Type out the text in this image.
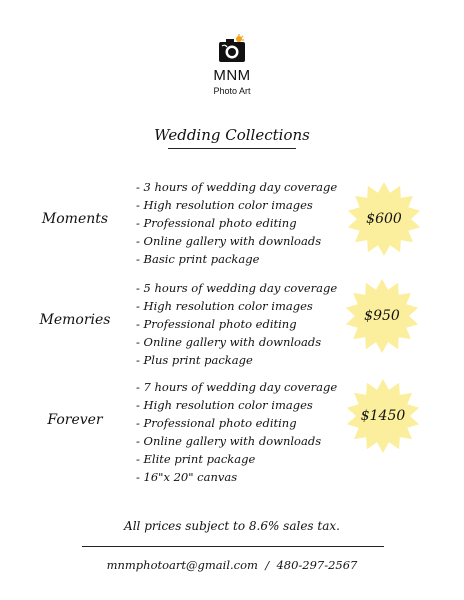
MNM
Photo Art
Wedding Collections
Moments
- 3 hours of wedding day coverage
- High resolution color images
- Professional photo editing
- Online gallery with downloads
- Basic print package
$600
Memories
- 5 hours of wedding day coverage
- High resolution color images
- Professional photo editing
- Online gallery with downloads
- Plus print package
$950
Forever
- 7 hours of wedding day coverage
- High resolution color images
- Professional photo editing
- Online gallery with downloads
- Elite print package
- 16"x 20" canvas
$1450
All prices subject to 8.6% sales tax.
mnmphotoart@gmail.com / 480-297-2567
